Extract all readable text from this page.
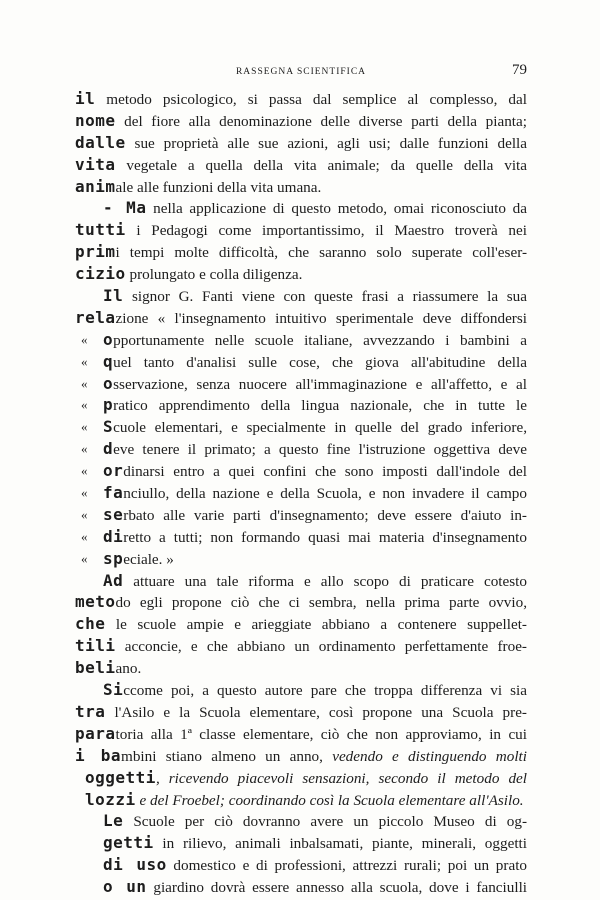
RASSEGNA SCIENTIFICA	79
il metodo psicologico, si passa dal semplice al complesso, dal
nome del fiore alla denominazione delle diverse parti della pianta;
dalle sue proprietà alle sue azioni, agli usi; dalle funzioni della
vita vegetale a quella della vita animale; da quelle della vita
animale alle funzioni della vita umana.
- Ma nella applicazione di questo metodo, omai riconosciuto da
tutti i Pedagogi come importantissimo, il Maestro troverà nei
primi tempi molte difficoltà, che saranno solo superate coll'eser-
cizio prolungato e colla diligenza.
Il signor G. Fanti viene con queste frasi a riassumere la sua
relazione « l'insegnamento intuitivo sperimentale deve diffondersi
« opportunamente nelle scuole italiane, avvezzando i bambini a
« quel tanto d'analisi sulle cose, che giova all'abitudine della
« osservazione, senza nuocere all'immaginazione e all'affetto, e al
« pratico apprendimento della lingua nazionale, che in tutte le
« Scuole elementari, e specialmente in quelle del grado inferiore,
« deve tenere il primato; a questo fine l'istruzione oggettiva deve
« ordinarsi entro a quei confini che sono imposti dall'indole del
« fanciullo, della nazione e della Scuola, e non invadere il campo
« serbato alle varie parti d'insegnamento; deve essere d'aiuto in-
« diretto a tutti; non formando quasi mai materia d'insegnamento
« speciale. »
Ad attuare una tale riforma e allo scopo di praticare cotesto
metodo egli propone ciò che ci sembra, nella prima parte ovvio,
che le scuole ampie e arieggiate abbiano a contenere suppellet-
tili acconcie, e che abbiano un ordinamento perfettamente froe-
beliano.
Siccome poi, a questo autore pare che troppa differenza vi sia
tra l'Asilo e la Scuola elementare, così propone una Scuola pre-
paratoria alla 1ª classe elementare, ciò che non approviamo, in cui
i bambini stiano almeno un anno, vedendo e distinguendo molti
oggetti, ricevendo piacevoli sensazioni, secondo il metodo del
lozzi e del Froebel; coordinando così la Scuola elementare all'Asilo.
Le Scuole per ciò dovranno avere un piccolo Museo di og-
getti in rilievo, animali inbalsamati, piante, minerali, oggetti
di uso domestico e di professioni, attrezzi rurali; poi un prato
o un giardino dovrà essere annesso alla scuola, dove i fanciulli
